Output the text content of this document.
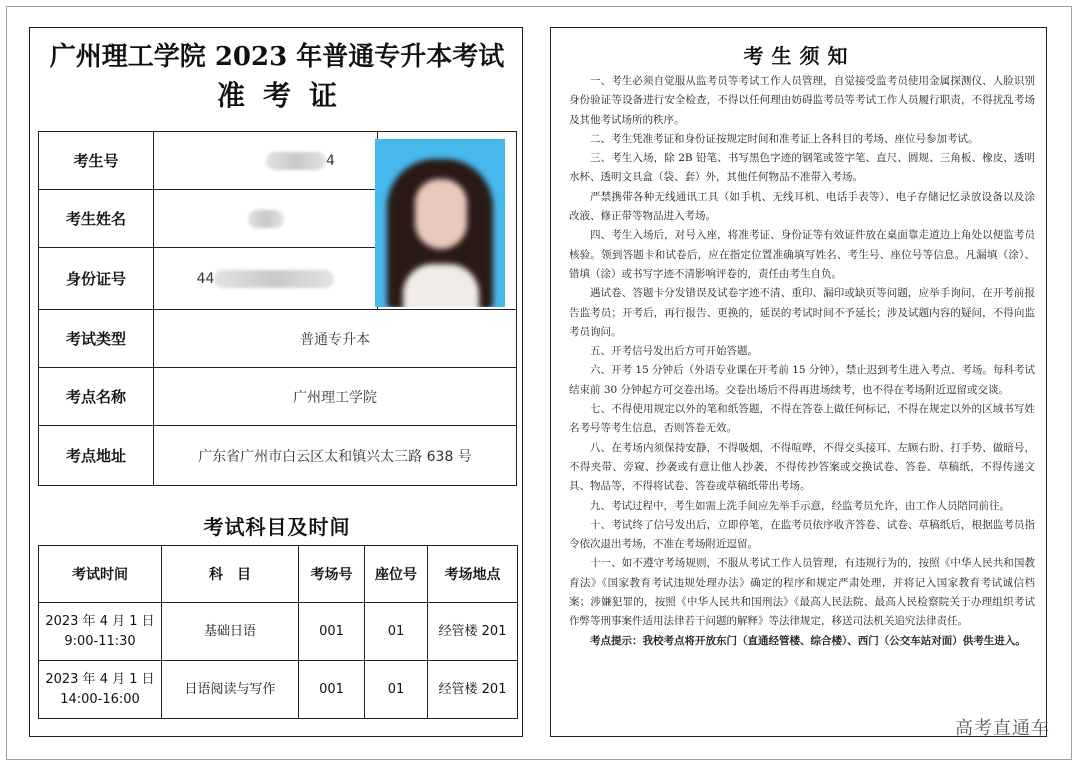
广州理工学院 2023 年普通专升本考试
准考证
考生号	4	
考生姓名		
身份证号	44	
考试类型	普通专升本	
考点名称	广州理工学院	
考点地址	广东省广州市白云区太和镇兴太三路 638 号	
考试科目及时间
考试时间	科　目	考场号	座位号	考场地点

2023 年 4 月 1 日
9:00-11:30	基础日语	001	01	经管楼 201

2023 年 4 月 1 日
14:00-16:00	日语阅读与写作	001	01	经管楼 201
考生须知

一、考生必须自觉服从监考员等考试工作人员管理，自觉接受监考员使用金属探测仪、人脸识别身份验证等设备进行安全检查，不得以任何理由妨碍监考员等考试工作人员履行职责，不得扰乱考场及其他考试场所的秩序。

二、考生凭准考证和身份证按规定时间和准考证上各科目的考场、座位号参加考试。

三、考生入场，除 2B 铅笔、书写黑色字迹的钢笔或签字笔、直尺、圆规、三角板、橡皮、透明水杯、透明文具盒（袋、套）外，其他任何物品不准带入考场。

严禁携带各种无线通讯工具（如手机、无线耳机、电话手表等）、电子存储记忆录放设备以及涂改液、修正带等物品进入考场。

四、考生入场后，对号入座，将准考证、身份证等有效证件放在桌面靠走道边上角处以便监考员核验。领到答题卡和试卷后，应在指定位置准确填写姓名、考生号、座位号等信息。凡漏填（涂）、错填（涂）或书写字迹不清影响评卷的，责任由考生自负。

遇试卷、答题卡分发错误及试卷字迹不清、重印、漏印或缺页等问题，应举手询问，在开考前报告监考员；开考后，再行报告、更换的，延误的考试时间不予延长；涉及试题内容的疑问，不得向监考员询问。

五、开考信号发出后方可开始答题。

六、开考 15 分钟后（外语专业课在开考前 15 分钟），禁止迟到考生进入考点、考场。每科考试结束前 30 分钟起方可交卷出场。交卷出场后不得再进场续考，也不得在考场附近逗留或交谈。

七、不得使用规定以外的笔和纸答题，不得在答卷上做任何标记，不得在规定以外的区域书写姓名考号等考生信息，否则答卷无效。

八、在考场内须保持安静，不得吸烟，不得喧哗，不得交头接耳、左顾右盼、打手势、做暗号，不得夹带、旁窥、抄袭或有意让他人抄袭，不得传抄答案或交换试卷、答卷、草稿纸，不得传递文具、物品等，不得将试卷、答卷或草稿纸带出考场。

九、考试过程中，考生如需上洗手间应先举手示意，经监考员允许，由工作人员陪同前往。

十、考试终了信号发出后，立即停笔，在监考员依序收齐答卷、试卷、草稿纸后，根据监考员指令依次退出考场，不准在考场附近逗留。

十一、如不遵守考场规则，不服从考试工作人员管理，有违规行为的，按照《中华人民共和国教育法》《国家教育考试违规处理办法》确定的程序和规定严肃处理，并将记入国家教育考试诚信档案；涉嫌犯罪的，按照《中华人民共和国刑法》《最高人民法院、最高人民检察院关于办理组织考试作弊等刑事案件适用法律若干问题的解释》等法律规定，移送司法机关追究法律责任。

考点提示：我校考点将开放东门（直通经管楼、综合楼）、西门（公交车站对面）供考生进入。

高考直通车
